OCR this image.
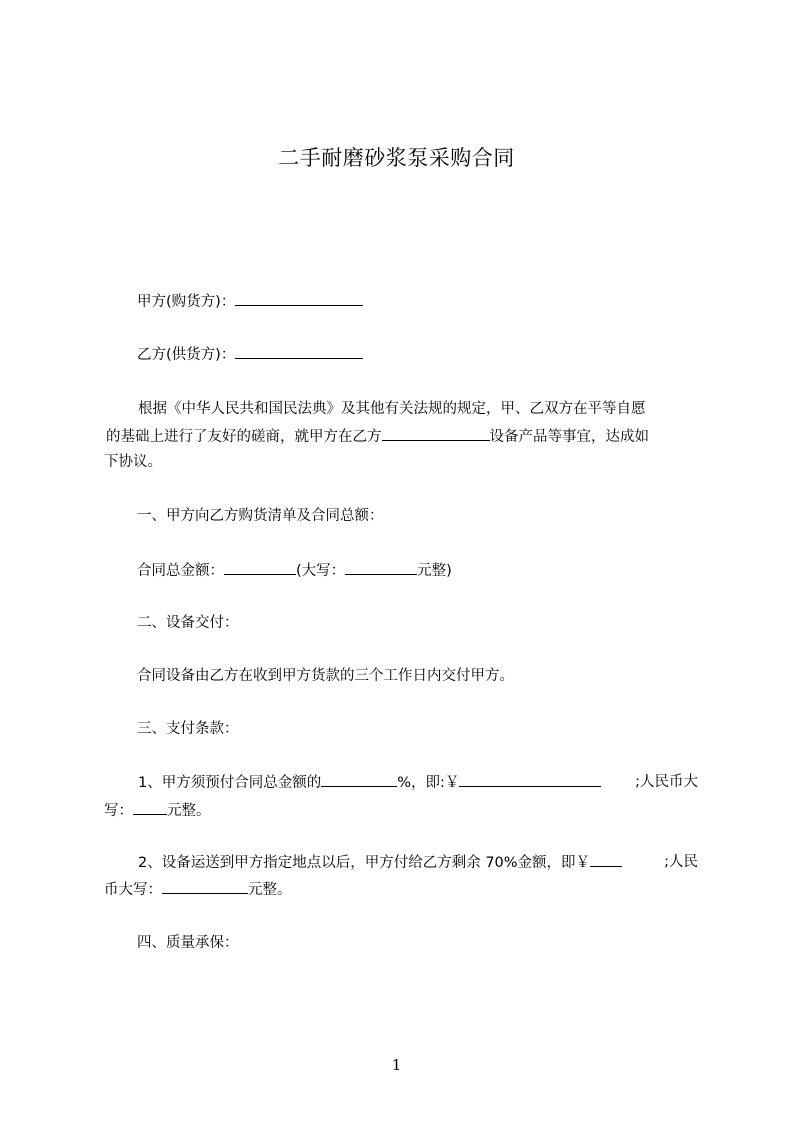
二手耐磨砂浆泵采购合同
甲方(购货方)：
乙方(供货方)：
根据《中华人民共和国民法典》及其他有关法规的规定，甲、乙双方在平等自愿
的基础上进行了友好的磋商，就甲方在乙方	设备产品等事宜，达成如
下协议。
一、甲方向乙方购货清单及合同总额：
合同总金额：	(大写：	元整)
二、设备交付：
合同设备由乙方在收到甲方货款的三个工作日内交付甲方。
三、支付条款：
1、甲方须预付合同总金额的	%，即:￥	;人民币大
写： 元整。
2、设备运送到甲方指定地点以后，甲方付给乙方剩余 70%金额，即￥	;人民
币大写：	元整。
四、质量承保：
1
